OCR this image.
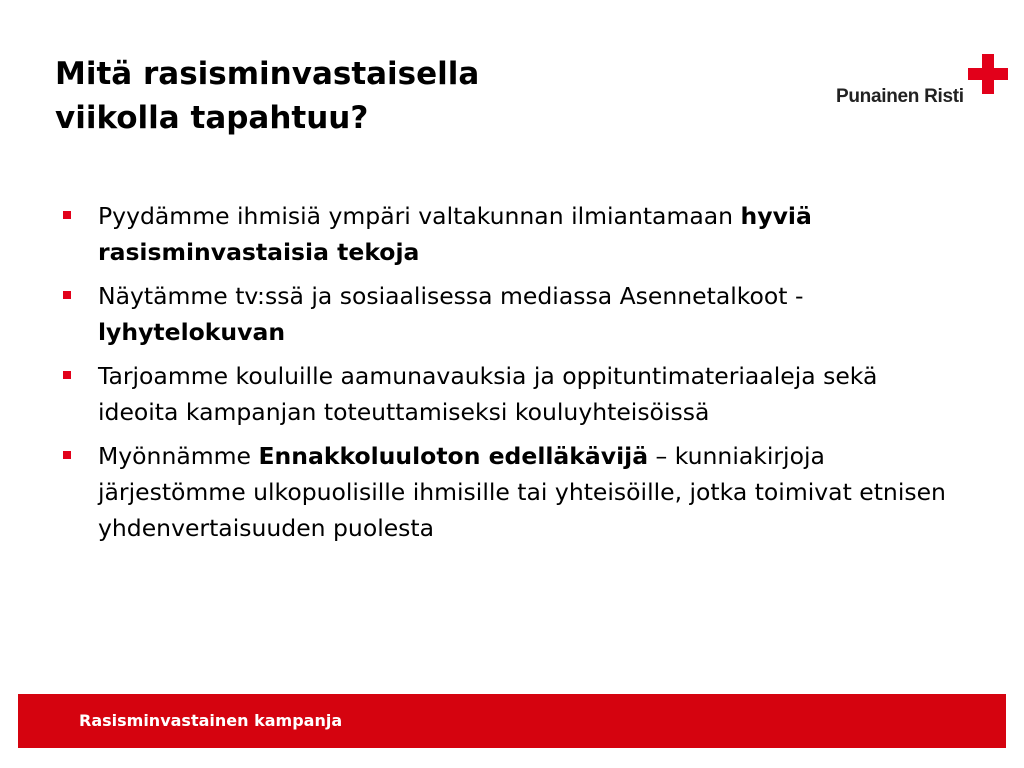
Mitä rasisminvastaisella
viikolla tapahtuu?
Punainen Risti
Pyydämme ihmisiä ympäri valtakunnan ilmiantamaan hyviä rasisminvastaisia tekoja
Näytämme tv:ssä ja sosiaalisessa mediassa Asennetalkoot -lyhytelokuvan
Tarjoamme kouluille aamunavauksia ja oppituntimateriaaleja sekä ideoita kampanjan toteuttamiseksi kouluyhteisöissä
Myönnämme Ennakkoluuloton edelläkävijä – kunniakirjoja järjestömme ulkopuolisille ihmisille tai yhteisöille, jotka toimivat etnisen yhdenvertaisuuden puolesta
Rasisminvastainen kampanja
